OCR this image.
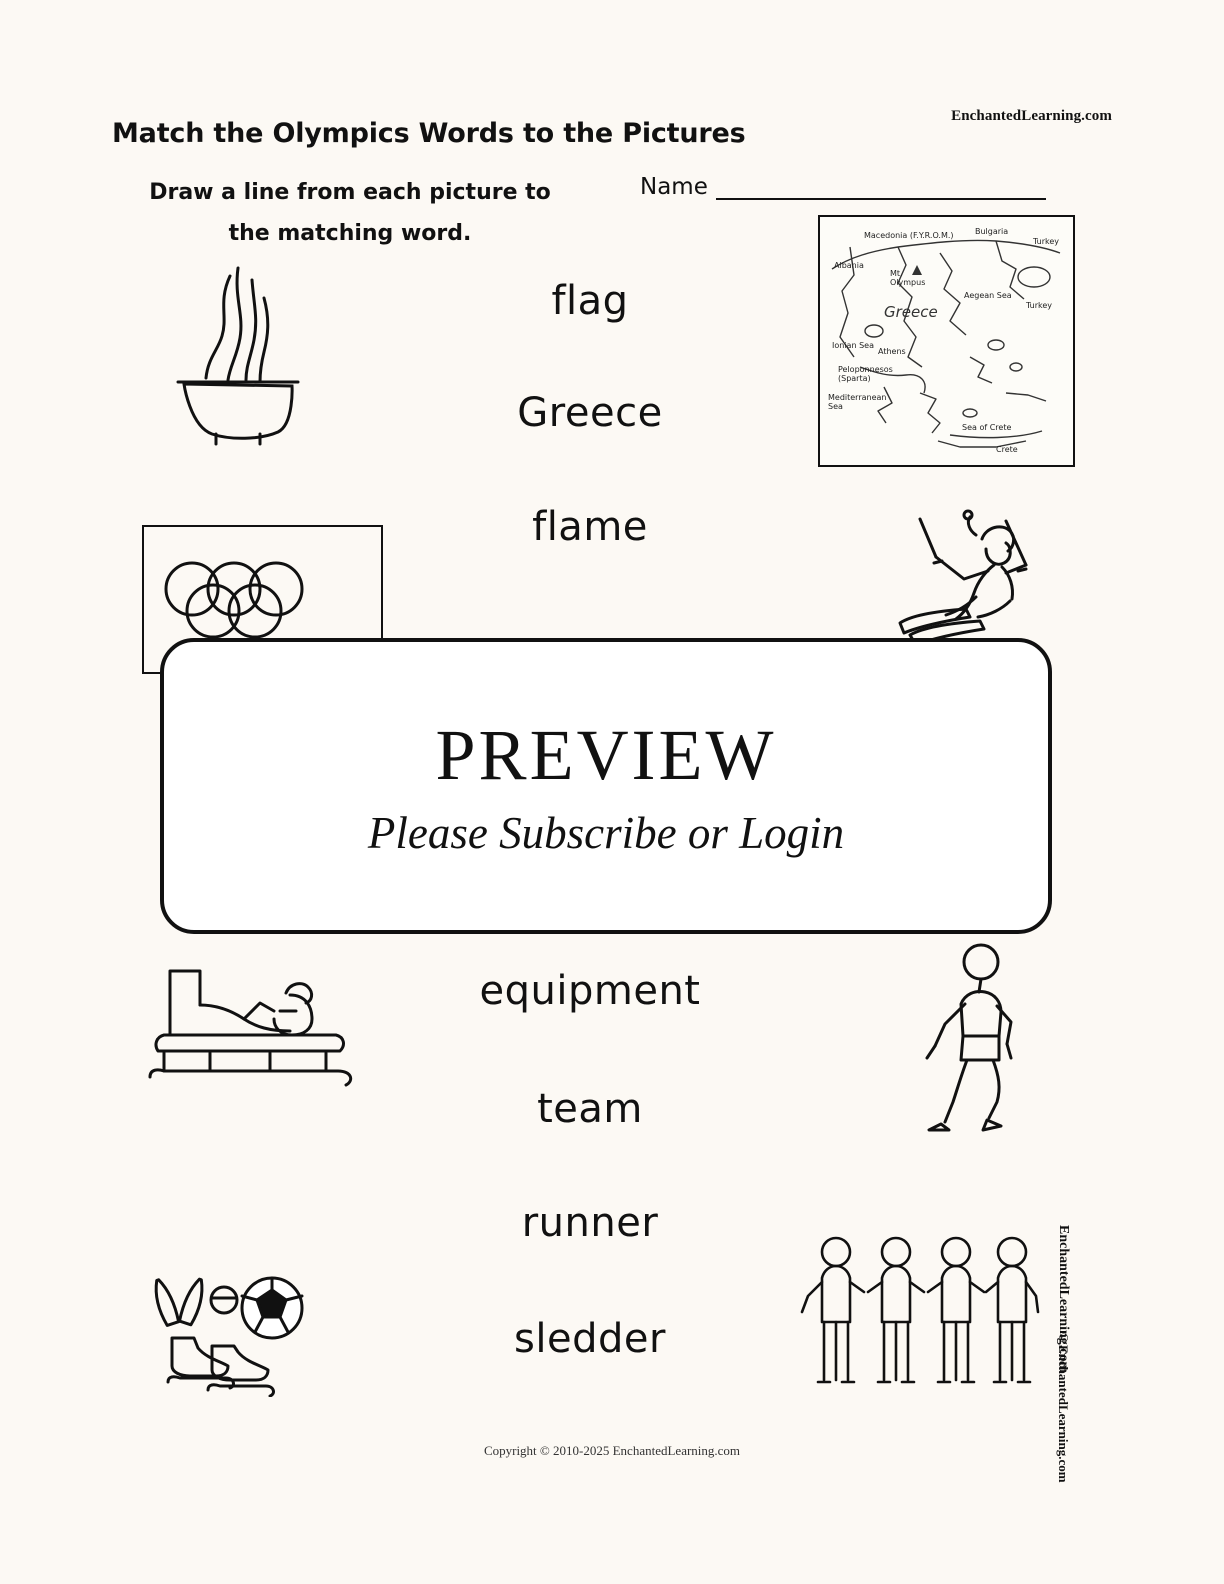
EnchantedLearning.com
Match the Olympics Words to the Pictures
Draw a line from each picture to the matching word.
Name
Macedonia (F.Y.R.O.M.)	Bulgaria
Turkey
Albania
Mt. Olympus
Aegean Sea
Turkey
Ionian Sea
Athens
Peloponnesos (Sparta)
Mediterranean Sea
Sea of Crete
Crete
Greece
flag
Greece
flame
equipment
team
runner
sledder
PREVIEW
Please Subscribe or Login
EnchantedLearning.com
©EnchantedLearning.com
Copyright © 2010-2025 EnchantedLearning.com
